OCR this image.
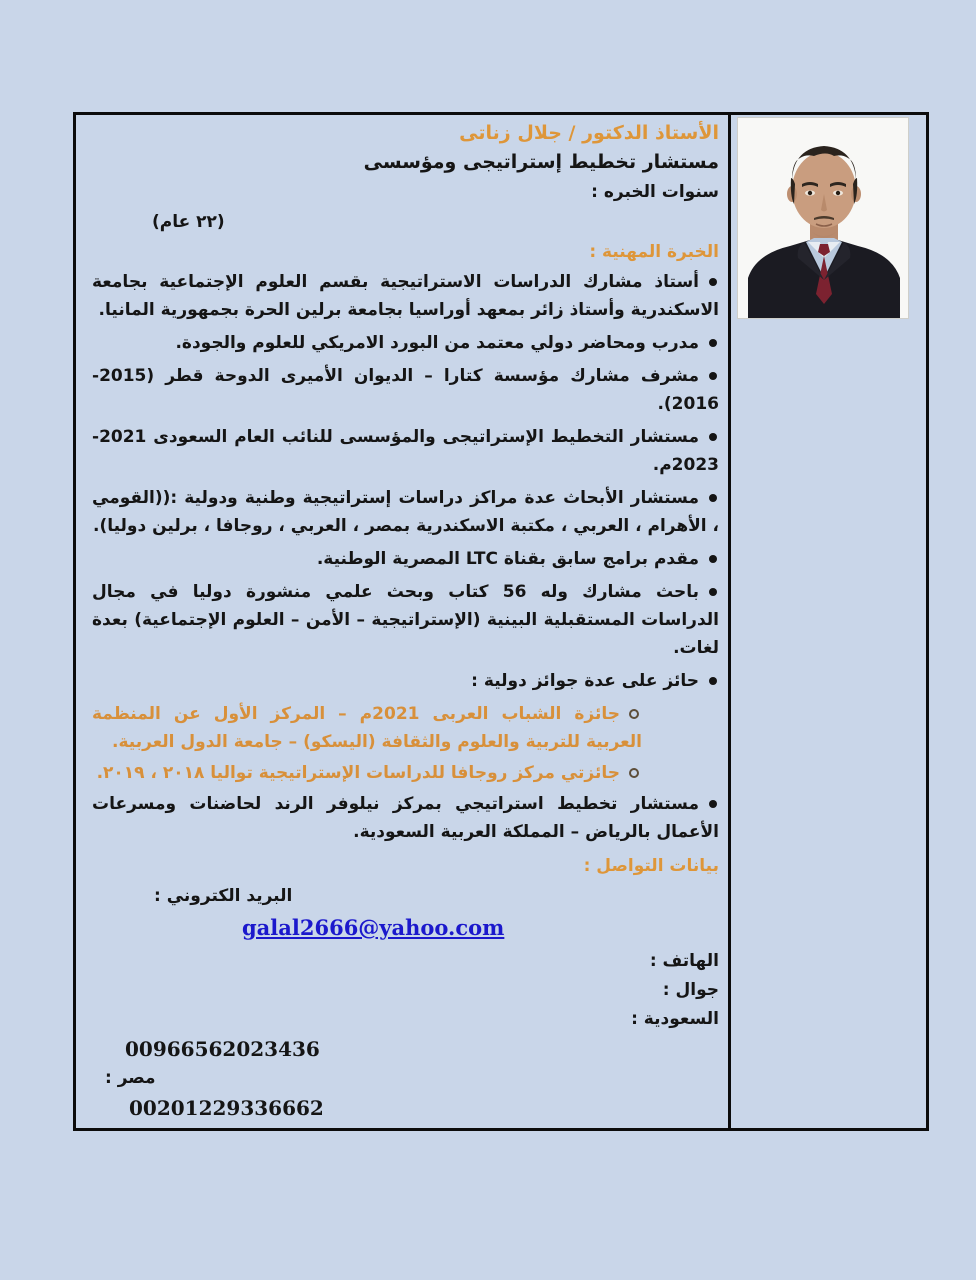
الأستاذ الدكتور / جلال زناتى
مستشار تخطيط إستراتيجى ومؤسسى
سنوات الخبره :
(٢٢ عام)
الخبرة المهنية :
أستاذ مشارك الدراسات الاستراتيجية بقسم العلوم الإجتماعية بجامعة الاسكندرية وأستاذ زائر بمعهد أوراسيا بجامعة برلين الحرة بجمهورية المانيا.
مدرب ومحاضر دولي معتمد من البورد الامريكي للعلوم والجودة.
مشرف مشارك مؤسسة كتارا – الديوان الأميرى الدوحة قطر (2015-2016).
مستشار التخطيط الإستراتيجى والمؤسسى للنائب العام السعودى 2021-2023م.
مستشار الأبحاث عدة مراكز دراسات إستراتيجية وطنية ودولية :((القومي ، الأهرام ، العربي ، مكتبة الاسكندرية بمصر ، العربي ، روجافا ، برلين دوليا).
مقدم برامج سابق بقناة LTC المصرية الوطنية.
باحث مشارك وله 56 كتاب وبحث علمي منشورة دوليا في مجال الدراسات المستقبلية البينية (الإستراتيجية – الأمن – العلوم الإجتماعية) بعدة لغات.
حائز على عدة جوائز دولية :
جائزة الشباب العربى 2021م – المركز الأول عن المنظمة العربية للتربية والعلوم والثقافة (اليسكو) – جامعة الدول العربية.
جائزتي مركز روجافا للدراسات الإستراتيجية تواليا ٢٠١٨ ، ٢٠١٩.
مستشار تخطيط استراتيجي بمركز نيلوفر الرند لحاضنات ومسرعات الأعمال بالرياض – المملكة العربية السعودية.
بيانات التواصل :
البريد الكتروني :
galal2666@yahoo.com
الهاتف :
جوال :
السعودية :
00966562023436
مصر :
00201229336662
